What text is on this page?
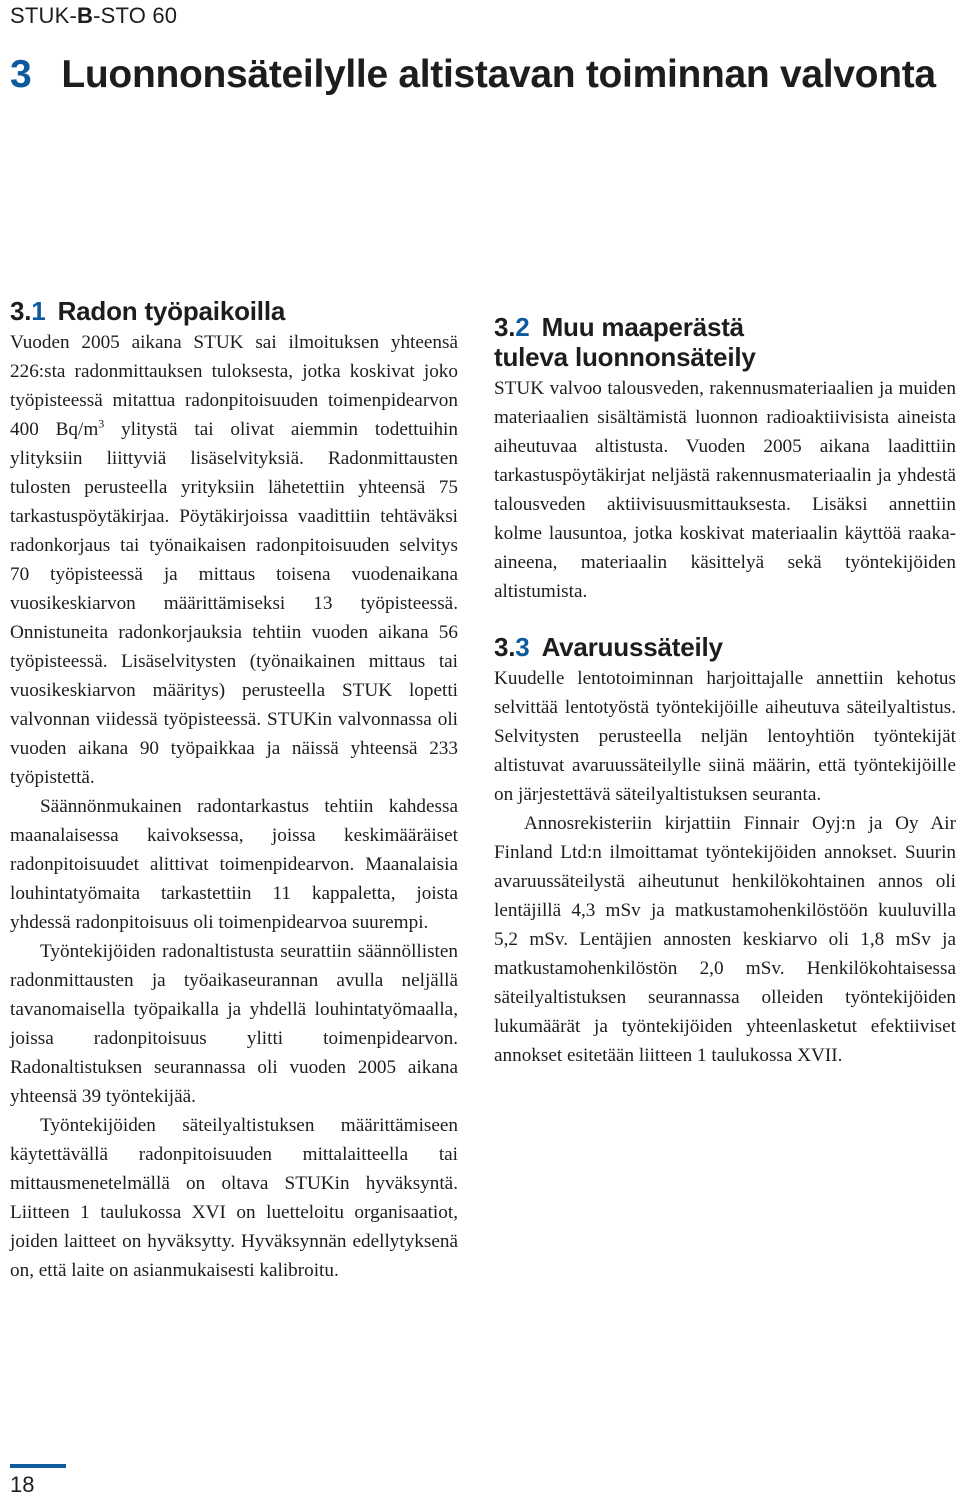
STUK-B-STO 60
3 Luonnonsäteilylle altistavan toiminnan valvonta
3.1 Radon työpaikoilla

Vuoden 2005 aikana STUK sai ilmoituksen yhteensä 226:sta radonmittauksen tuloksesta, jotka koskivat joko työpisteessä mitattua radonpitoisuuden toimenpidearvon 400 $Bq/m^3$ ylitystä tai olivat aiemmin todettuihin ylityksiin liittyviä lisäselvityksiä. Radonmittausten tulosten perusteella yrityksiin lähetettiin yhteensä 75 tarkastuspöytäkirjaa. Pöytäkirjoissa vaadittiin tehtäväksi radonkorjaus tai työnaikaisen radonpitoisuuden selvitys 70 työpisteessä ja mittaus toisena vuodenaikana vuosikeskiarvon määrittämiseksi 13 työpisteessä. Onnistuneita radonkorjauksia tehtiin vuoden aikana 56 työpisteessä. Lisäselvitysten (työnaikainen mittaus tai vuosikeskiarvon määritys) perusteella STUK lopetti valvonnan viidessä työpisteessä. STUKin valvonnassa oli vuoden aikana 90 työpaikkaa ja näissä yhteensä 233 työpistettä.

Säännönmukainen radontarkastus tehtiin kahdessa maanalaisessa kaivoksessa, joissa keskimääräiset radonpitoisuudet alittivat toimenpidearvon. Maanalaisia louhintatyömaita tarkastettiin 11 kappaletta, joista yhdessä radonpitoisuus oli toimenpidearvoa suurempi.

Työntekijöiden radonaltistusta seurattiin säännöllisten radonmittausten ja työaikaseurannan avulla neljällä tavanomaisella työpaikalla ja yhdellä louhintatyömaalla, joissa radonpitoisuus ylitti toimenpidearvon. Radonaltistuksen seurannassa oli vuoden 2005 aikana yhteensä 39 työntekijää.

Työntekijöiden säteilyaltistuksen määrittämiseen käytettävällä radonpitoisuuden mittalaitteella tai mittausmenetelmällä on oltava STUKin hyväksyntä. Liitteen 1 taulukossa XVI on luetteloitu organisaatiot, joiden laitteet on hyväksytty. Hyväksynnän edellytyksenä on, että laite on asianmukaisesti kalibroitu.

3.2 Muu maaperästä
tuleva luonnonsäteily

STUK valvoo talousveden, rakennusmateriaalien ja muiden materiaalien sisältämistä luonnon radioaktiivisista aineista aiheutuvaa altistusta. Vuoden 2005 aikana laadittiin tarkastuspöytäkirjat neljästä rakennusmateriaalin ja yhdestä talousveden aktiivisuusmittauksesta. Lisäksi annettiin kolme lausuntoa, jotka koskivat materiaalin käyttöä raaka-aineena, materiaalin käsittelyä sekä työntekijöiden altistumista.

3.3 Avaruussäteily

Kuudelle lentotoiminnan harjoittajalle annettiin kehotus selvittää lentotyöstä työntekijöille aiheutuva säteilyaltistus. Selvitysten perusteella neljän lentoyhtiön työntekijät altistuvat avaruussäteilylle siinä määrin, että työntekijöille on järjestettävä säteilyaltistuksen seuranta.

Annosrekisteriin kirjattiin Finnair Oyj:n ja Oy Air Finland Ltd:n ilmoittamat työntekijöiden annokset. Suurin avaruussäteilystä aiheutunut henkilökohtainen annos oli lentäjillä 4,3 mSv ja matkustamohenkilöstöön kuuluvilla 5,2 mSv. Lentäjien annosten keskiarvo oli 1,8 mSv ja matkustamohenkilöstön 2,0 mSv. Henkilökohtaisessa säteilyaltistuksen seurannassa olleiden työntekijöiden lukumäärät ja työntekijöiden yhteenlasketut efektiiviset annokset esitetään liitteen 1 taulukossa XVII.

18
